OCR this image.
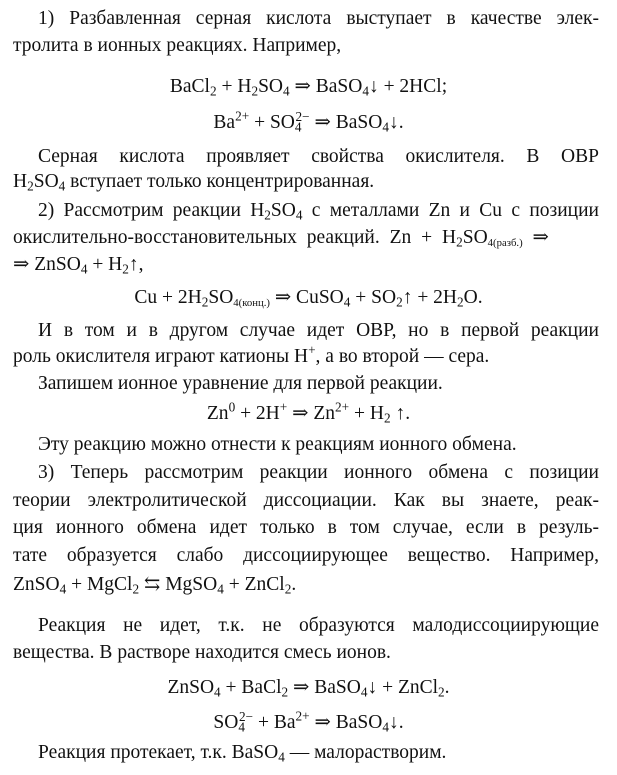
1) Разбавленная серная кислота выступает в качестве элек-
тролита в ионных реакциях. Например,
BaCl$_2$ + $H_2SO_4$ ⇒ BaSO$_4$↓ + 2HCl;
$Ba^{2+} + SO_4^{2-}$ ⇒ BaSO$_4$↓.
Серная кислота проявляет свойства окислителя. В ОВР
$H_2SO_4$ вступает только концентрированная.
2) Рассмотрим реакции $H_2SO_4$ с металлами Zn и Cu с позиции
окислительно-восстановительных реакций. $Zn + H_2SO_{4(разб.)}$ ⇒
⇒ ZnSO$_4$ + $H_2↑$,
$Cu + 2H_2SO_{4(конц.)}$ ⇒ CuSO$_4$ + $SO_2↑ + 2H_2O$.
И в том и в другом случае идет ОВР, но в первой реакции
роль окислителя играют катионы H+, а во второй — сера.
Запишем ионное уравнение для первой реакции.
$Zn^0 + 2H^+$ ⇒ $Zn^{2+} + H_2$ ↑.
Эту реакцию можно отнести к реакциям ионного обмена.
3) Теперь рассмотрим реакции ионного обмена с позиции
теории электролитической диссоциации. Как вы знаете, реак-
ция ионного обмена идет только в том случае, если в резуль-
тате образуется слабо диссоциирующее вещество. Например,
ZnSO$_4$ + MgCl$_2$ ⇆ MgSO$_4$ + ZnCl$_2$.
Реакция не идет, т.к. не образуются малодиссоциирующие
вещества. В растворе находится смесь ионов.
ZnSO$_4$ + BaCl$_2$ ⇒ BaSO$_4$↓ + ZnCl$_2$.
$SO_4^{2-} + Ba^{2+}$ ⇒ BaSO$_4$↓.
Реакция протекает, т.к. BaSO$_4$ — малорастворим.
